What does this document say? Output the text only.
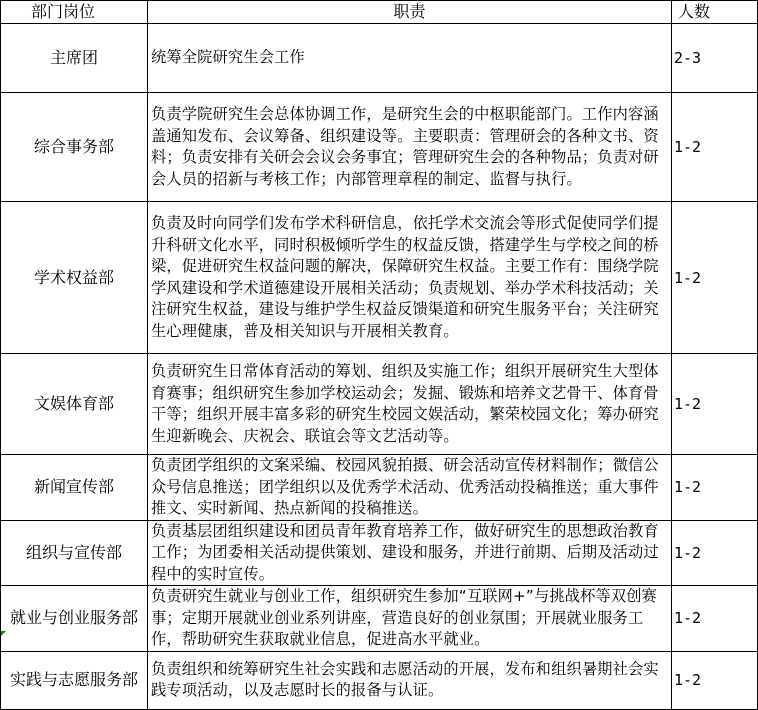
部门岗位	职责	人数
主席团	统筹全院研究生会工作	2-3
综合事务部	负责学院研究生会总体协调工作，是研究生会的中枢职能部门。工作内容涵盖通知发布、会议筹备、组织建设等。主要职责：管理研会的各种文书、资料；负责安排有关研会会议会务事宜；管理研究生会的各种物品；负责对研会人员的招新与考核工作；内部管理章程的制定、监督与执行。	1-2
学术权益部	负责及时向同学们发布学术科研信息，依托学术交流会等形式促使同学们提升科研文化水平，同时积极倾听学生的权益反馈，搭建学生与学校之间的桥梁，促进研究生权益问题的解决，保障研究生权益。主要工作有：围绕学院学风建设和学术道德建设开展相关活动；负责规划、举办学术科技活动；关注研究生权益，建设与维护学生权益反馈渠道和研究生服务平台；关注研究生心理健康，普及相关知识与开展相关教育。	1-2
文娱体育部	负责研究生日常体育活动的筹划、组织及实施工作；组织开展研究生大型体育赛事；组织研究生参加学校运动会；发掘、锻炼和培养文艺骨干、体育骨干等；组织开展丰富多彩的研究生校园文娱活动，繁荣校园文化；筹办研究生迎新晚会、庆祝会、联谊会等文艺活动等。	1-2
新闻宣传部	负责团学组织的文案采编、校园风貌拍摄、研会活动宣传材料制作；微信公众号信息推送；团学组织以及优秀学术活动、优秀活动投稿推送；重大事件推文、实时新闻、热点新闻的投稿推送。	1-2
组织与宣传部	负责基层团组织建设和团员青年教育培养工作，做好研究生的思想政治教育工作；为团委相关活动提供策划、建设和服务，并进行前期、后期及活动过程中的实时宣传。	1-2
就业与创业服务部	负责研究生就业与创业工作，组织研究生参加“互联网+”与挑战杯等双创赛事；定期开展就业创业系列讲座，营造良好的创业氛围；开展就业服务工作，帮助研究生获取就业信息，促进高水平就业。	1-2
实践与志愿服务部	负责组织和统筹研究生社会实践和志愿活动的开展，发布和组织暑期社会实践专项活动，以及志愿时长的报备与认证。	1-2
